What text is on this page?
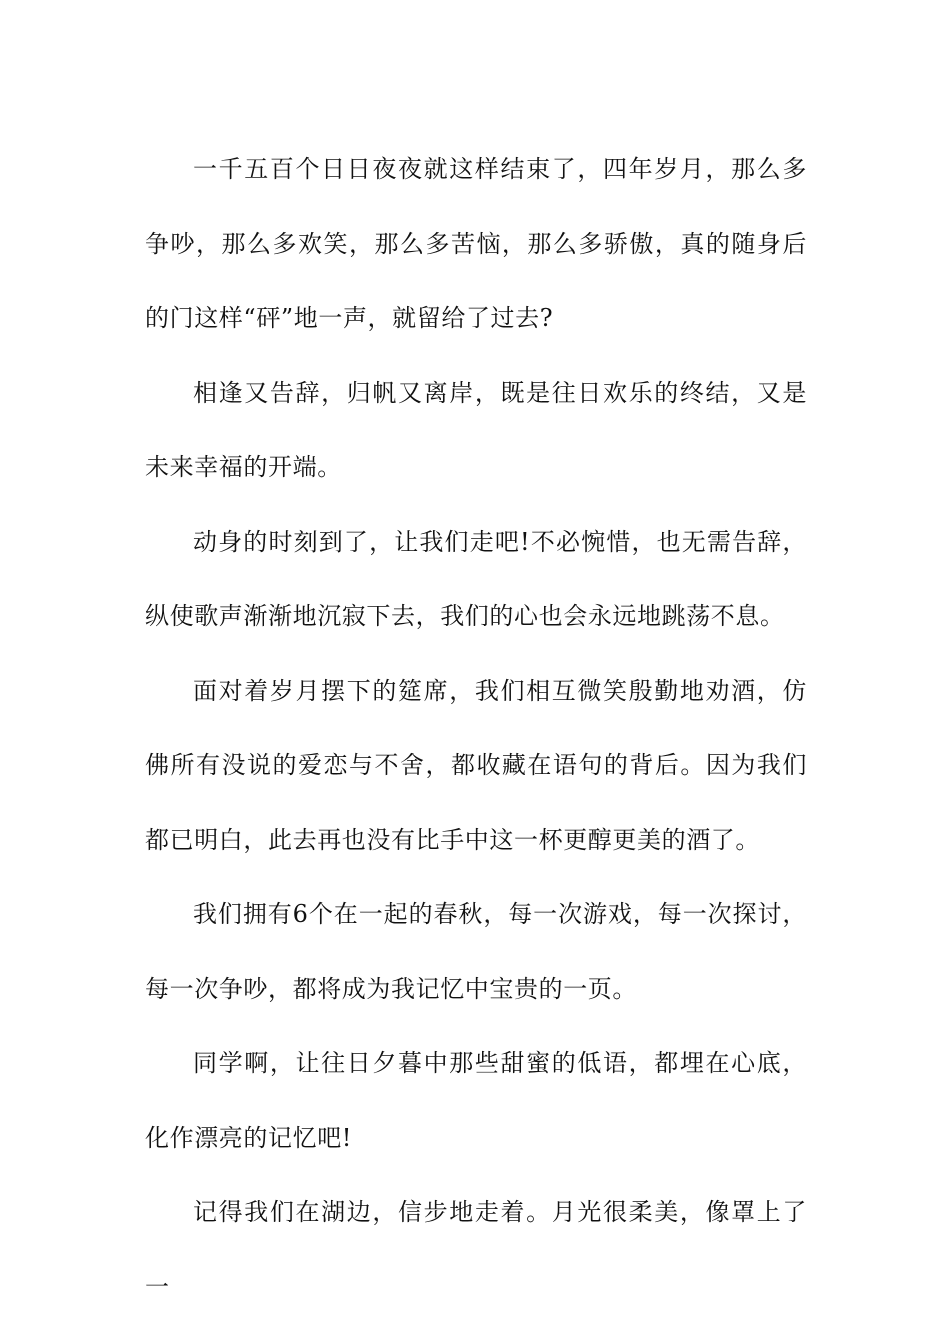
一千五百个日日夜夜就这样结束了，四年岁月，那么多争吵，那么多欢笑，那么多苦恼，那么多骄傲，真的随身后的门这样“砰”地一声，就留给了过去?

相逢又告辞，归帆又离岸，既是往日欢乐的终结，又是未来幸福的开端。

动身的时刻到了，让我们走吧!不必惋惜，也无需告辞，纵使歌声渐渐地沉寂下去，我们的心也会永远地跳荡不息。

面对着岁月摆下的筵席，我们相互微笑殷勤地劝酒，仿佛所有没说的爱恋与不舍，都收藏在语句的背后。因为我们都已明白，此去再也没有比手中这一杯更醇更美的酒了。

我们拥有6个在一起的春秋，每一次游戏，每一次探讨，每一次争吵，都将成为我记忆中宝贵的一页。

同学啊，让往日夕暮中那些甜蜜的低语，都埋在心底，化作漂亮的记忆吧!

记得我们在湖边，信步地走着。月光很柔美，像罩上了一
